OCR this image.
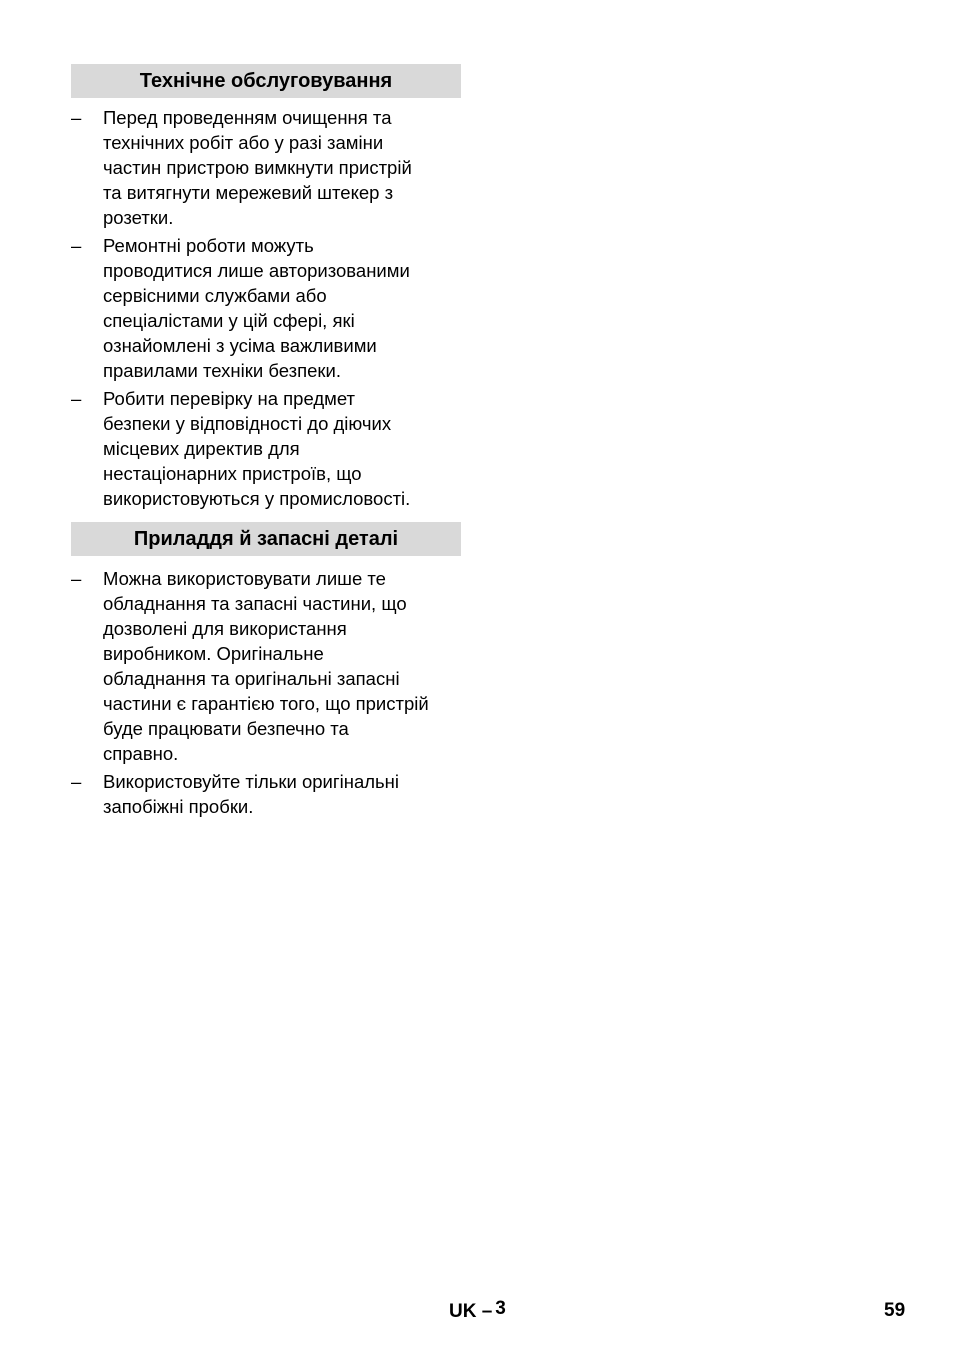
Технічне обслуговування
– Перед проведенням очищення та
технічних робіт або у разі заміни
частин пристрою вимкнути пристрій
та витягнути мережевий штекер з
розетки.
– Ремонтні роботи можуть
проводитися лише авторизованими
сервісними службами або
спеціалістами у цій сфері, які
ознайомлені з усіма важливими
правилами техніки безпеки.
– Робити перевірку на предмет
безпеки у відповідності до діючих
місцевих директив для
нестаціонарних пристроїв, що
використовуються у промисловості.
Приладдя й запасні деталі
– Можна використовувати лише те
обладнання та запасні частини, що
дозволені для використання
виробником. Оригінальне
обладнання та оригінальні запасні
частини є гарантією того, що пристрій
буде працювати безпечно та
справно.
– Використовуйте тільки оригінальні
запобіжні пробки.
UK – 3	59
